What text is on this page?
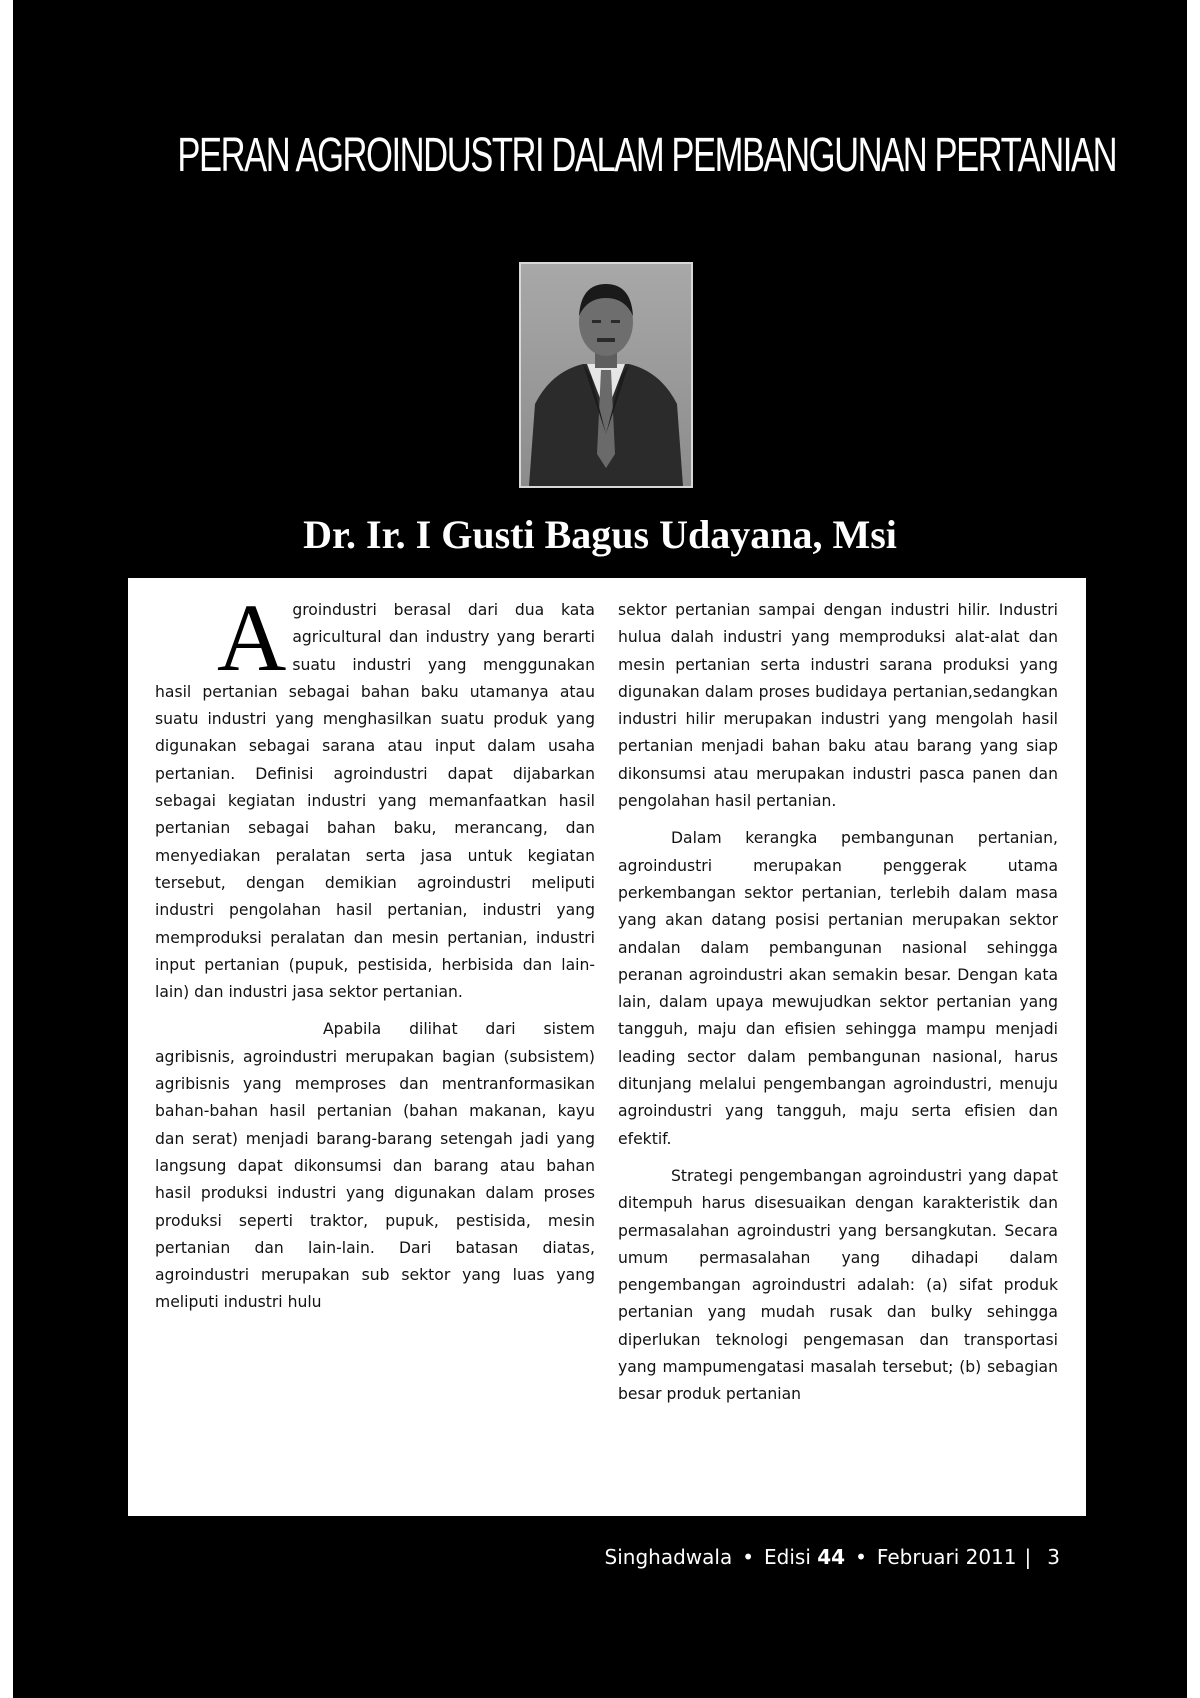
PERAN AGROINDUSTRI DALAM PEMBANGUNAN PERTANIAN
Dr. Ir. I Gusti Bagus Udayana, Msi

Agroindustri berasal dari dua kata agricultural dan industry yang berarti suatu industri yang menggunakan hasil pertanian sebagai bahan baku utamanya atau suatu industri yang menghasilkan suatu produk yang digunakan sebagai sarana atau input dalam usaha pertanian. Definisi agroindustri dapat dijabarkan sebagai kegiatan industri yang memanfaatkan hasil pertanian sebagai bahan baku, merancang, dan menyediakan peralatan serta jasa untuk kegiatan tersebut, dengan demikian agroindustri meliputi industri pengolahan hasil pertanian, industri yang memproduksi peralatan dan mesin pertanian, industri input pertanian (pupuk, pestisida, herbisida dan lain-lain) dan industri jasa sektor pertanian.

Apabila dilihat dari sistem agribisnis, agroindustri merupakan bagian (subsistem) agribisnis yang memproses dan mentranformasikan bahan-bahan hasil pertanian (bahan makanan, kayu dan serat) menjadi barang-barang setengah jadi yang langsung dapat dikonsumsi dan barang atau bahan hasil produksi industri yang digunakan dalam proses produksi seperti traktor, pupuk, pestisida, mesin pertanian dan lain-lain. Dari batasan diatas, agroindustri merupakan sub sektor yang luas yang meliputi industri hulu

sektor pertanian sampai dengan industri hilir. Industri hulua dalah industri yang memproduksi alat-alat dan mesin pertanian serta industri sarana produksi yang digunakan dalam proses budidaya pertanian,sedangkan industri hilir merupakan industri yang mengolah hasil pertanian menjadi bahan baku atau barang yang siap dikonsumsi atau merupakan industri pasca panen dan pengolahan hasil pertanian.

Dalam kerangka pembangunan pertanian, agroindustri merupakan penggerak utama perkembangan sektor pertanian, terlebih dalam masa yang akan datang posisi pertanian merupakan sektor andalan dalam pembangunan nasional sehingga peranan agroindustri akan semakin besar. Dengan kata lain, dalam upaya mewujudkan sektor pertanian yang tangguh, maju dan efisien sehingga mampu menjadi leading sector dalam pembangunan nasional, harus ditunjang melalui pengembangan agroindustri, menuju agroindustri yang tangguh, maju serta efisien dan efektif.

Strategi pengembangan agroindustri yang dapat ditempuh harus disesuaikan dengan karakteristik dan permasalahan agroindustri yang bersangkutan. Secara umum permasalahan yang dihadapi dalam pengembangan agroindustri adalah: (a) sifat produk pertanian yang mudah rusak dan bulky sehingga diperlukan teknologi pengemasan dan transportasi yang mampumengatasi masalah tersebut; (b) sebagian besar produk pertanian

Singhadwala • Edisi 44 • Februari 2011 | 3
